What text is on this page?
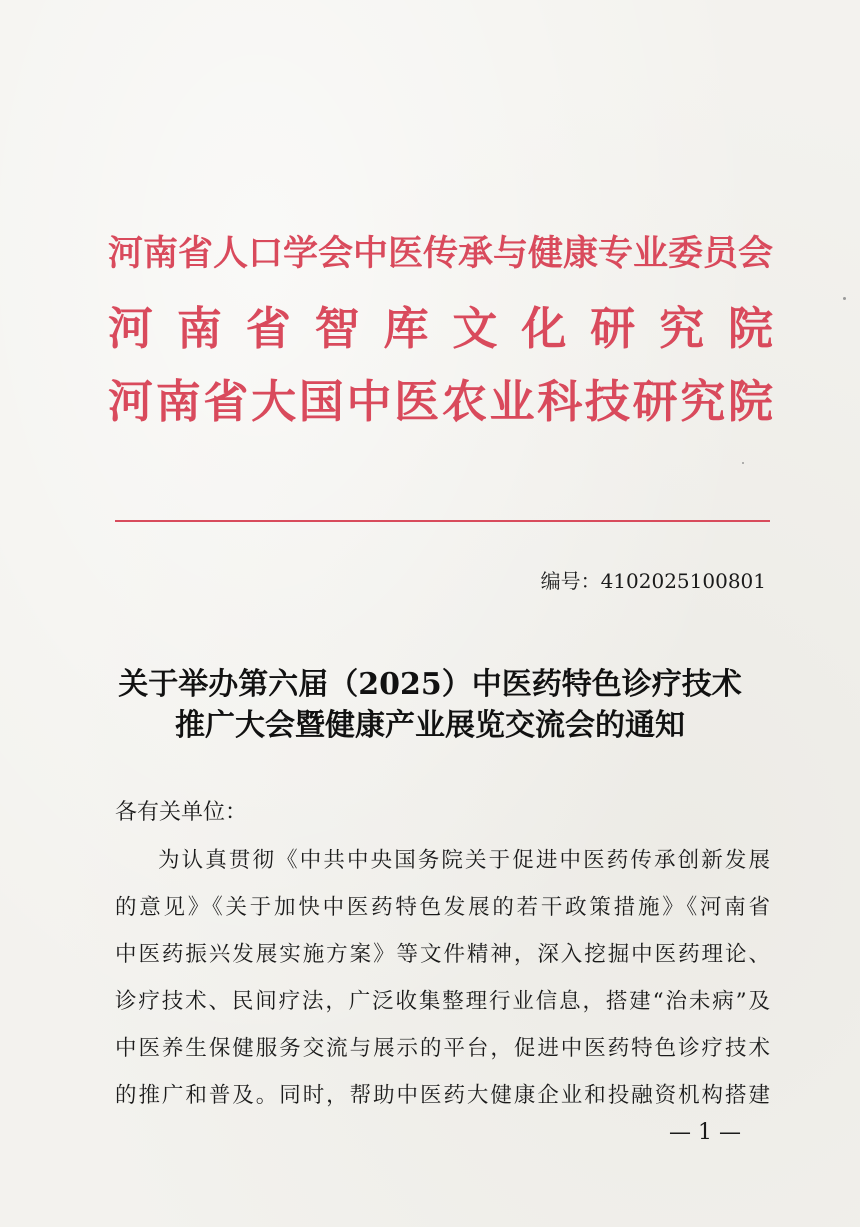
河南省人口学会中医传承与健康专业委员会
河南省智库文化研究院
河南省大国中医农业科技研究院
编号：4102025100801
关于举办第六届（2025）中医药特色诊疗技术
推广大会暨健康产业展览交流会的通知
各有关单位：
为认真贯彻《中共中央国务院关于促进中医药传承创新发展
的意见》《关于加快中医药特色发展的若干政策措施》《河南省
中医药振兴发展实施方案》等文件精神，深入挖掘中医药理论、
诊疗技术、民间疗法，广泛收集整理行业信息，搭建“治未病”及
中医养生保健服务交流与展示的平台，促进中医药特色诊疗技术
的推广和普及。同时，帮助中医药大健康企业和投融资机构搭建
— 1 —
